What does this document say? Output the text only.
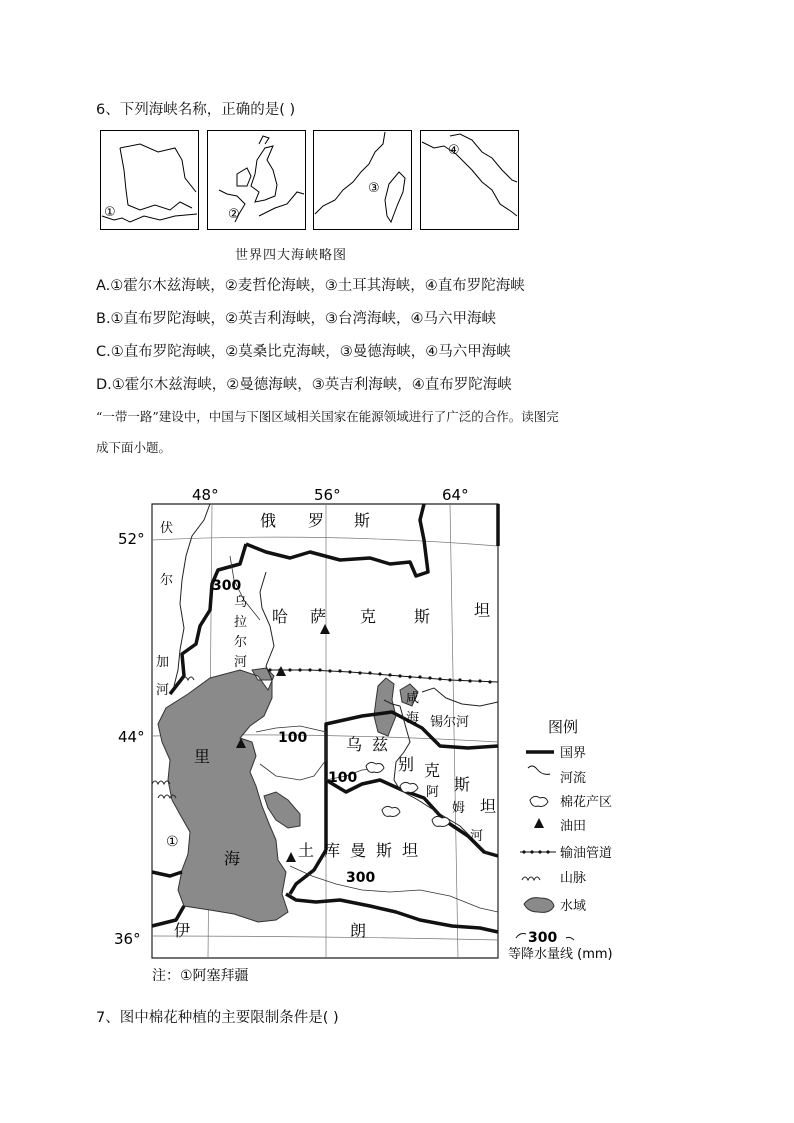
6、下列海峡名称，正确的是( )
①	②
③
④
世界四大海峡略图
A.①霍尔木兹海峡，②麦哲伦海峡，③土耳其海峡，④直布罗陀海峡
B.①直布罗陀海峡，②英吉利海峡，③台湾海峡，④马六甲海峡
C.①直布罗陀海峡，②莫桑比克海峡，③曼德海峡，④马六甲海峡
D.①霍尔木兹海峡，②曼德海峡，③英吉利海峡，④直布罗陀海峡
“一带一路”建设中，中国与下图区域相关国家在能源领域进行了广泛的合作。读图完
成下面小题。
48°	56°	64°
52°
44°
36°
俄 罗 斯
哈 萨 克 斯	坦
乌 兹
别 克
斯
坦
土 库 曼 斯 坦
伊	朗
伏
尔
加
河
乌
拉
尔
河
里
海
咸
海 锡尔河
阿
姆
河
300
100
100
300
①
图例
国界
河流
棉花产区
油田
输油管道
山脉
水域
300
等降水量线 (mm)
注：①阿塞拜疆
7、图中棉花种植的主要限制条件是( )
